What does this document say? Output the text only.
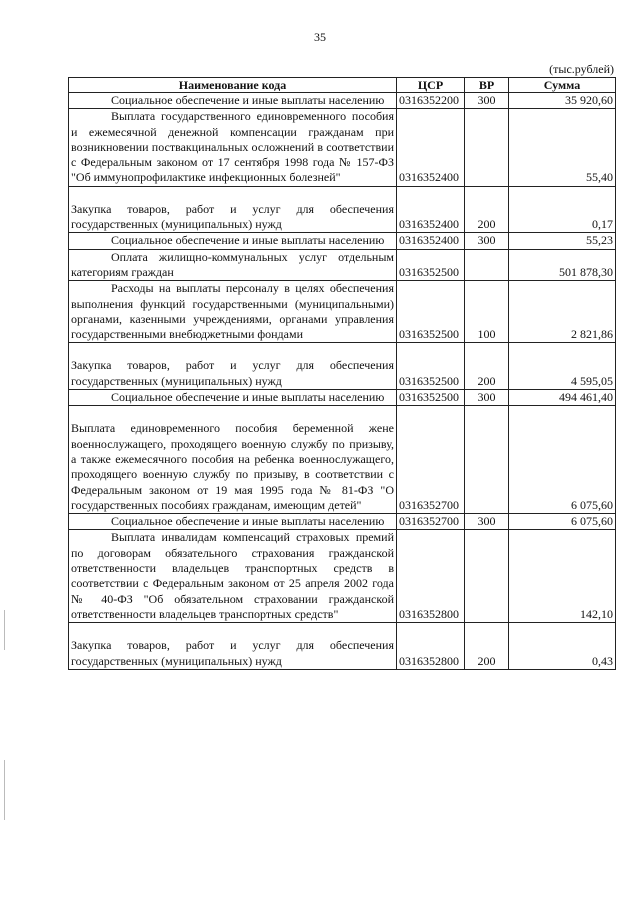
35
(тыс.рублей)
Наименование кода	ЦСР	ВР	Сумма
Социальное обеспечение и иные выплаты населению	0316352200	300	35 920,60
Выплата государственного единовременного пособия и ежемесячной денежной компенсации гражданам при возникновении поствакцинальных осложнений в соответствии с Федеральным законом от 17 сентября 1998 года № 157-ФЗ "Об иммунопрофилактике инфекционных болезней"	0316352400		55,40

Закупка товаров, работ и услуг для обеспечения государственных (муниципальных) нужд	0316352400	200	0,17
Социальное обеспечение и иные выплаты населению	0316352400	300	55,23
Оплата жилищно-коммунальных услуг отдельным категориям граждан	0316352500		501 878,30
Расходы на выплаты персоналу в целях обеспечения выполнения функций государственными (муниципальными) органами, казенными учреждениями, органами управления государственными внебюджетными фондами	0316352500	100	2 821,86

Закупка товаров, работ и услуг для обеспечения государственных (муниципальных) нужд	0316352500	200	4 595,05
Социальное обеспечение и иные выплаты населению	0316352500	300	494 461,40

Выплата единовременного пособия беременной жене военнослужащего, проходящего военную службу по призыву, а также ежемесячного пособия на ребенка военнослужащего, проходящего военную службу по призыву, в соответствии с Федеральным законом от 19 мая 1995 года № 81-ФЗ "О государственных пособиях гражданам, имеющим детей"	0316352700		6 075,60
Социальное обеспечение и иные выплаты населению	0316352700	300	6 075,60
Выплата инвалидам компенсаций страховых премий по договорам обязательного страхования гражданской ответственности владельцев транспортных средств в соответствии с Федеральным законом от 25 апреля 2002 года № 40-ФЗ "Об обязательном страховании гражданской ответственности владельцев транспортных средств"	0316352800		142,10

Закупка товаров, работ и услуг для обеспечения государственных (муниципальных) нужд	0316352800	200	0,43
